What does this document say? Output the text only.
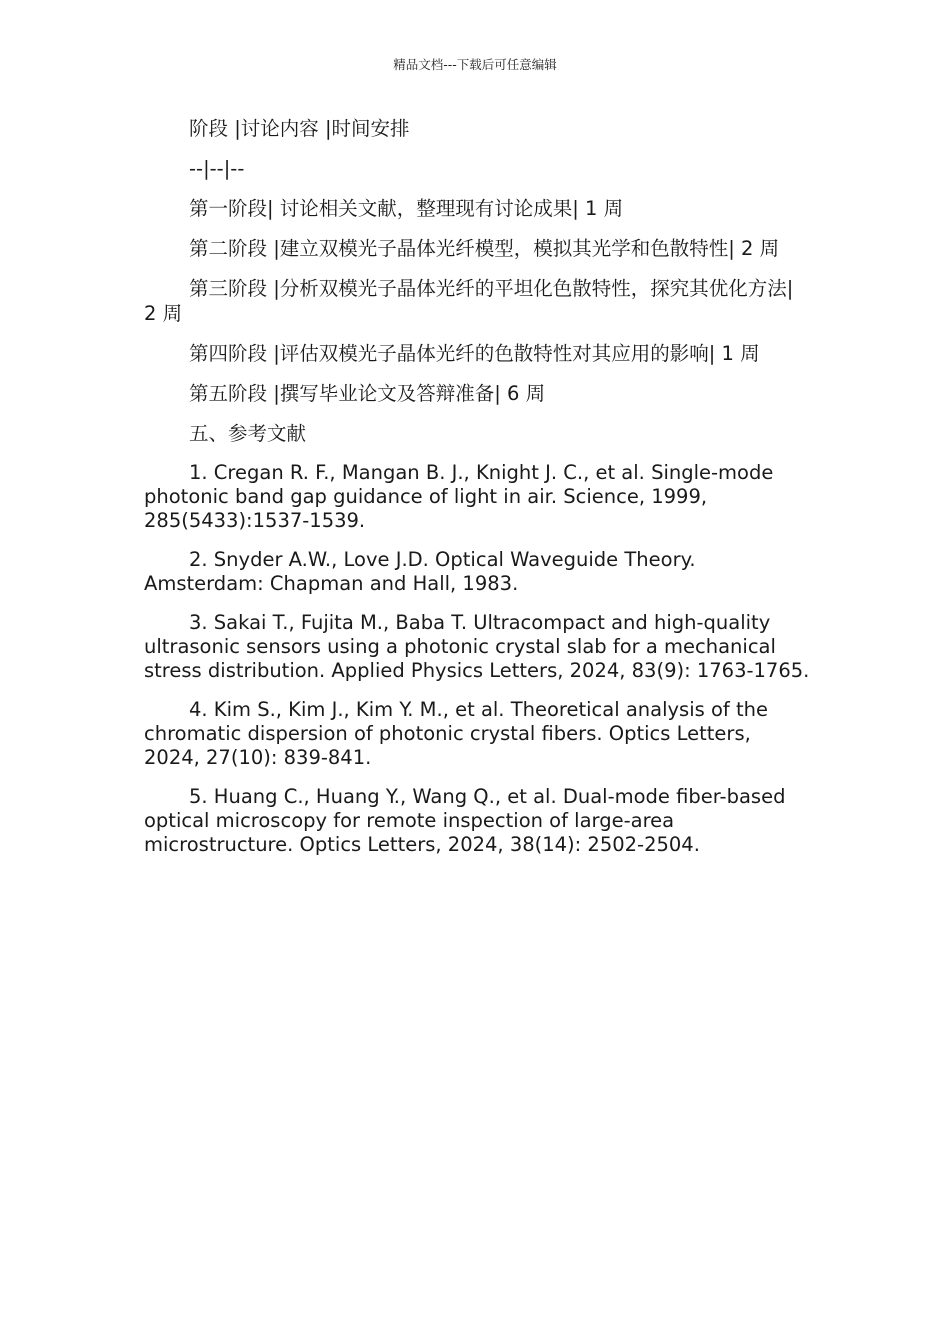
精品文档---下载后可任意编辑

阶段 |讨论内容 |时间安排

--|--|--

第一阶段| 讨论相关文献，整理现有讨论成果| 1 周

第二阶段 |建立双模光子晶体光纤模型，模拟其光学和色散特性| 2 周

第三阶段 |分析双模光子晶体光纤的平坦化色散特性，探究其优化方法| 2 周

第四阶段 |评估双模光子晶体光纤的色散特性对其应用的影响| 1 周

第五阶段 |撰写毕业论文及答辩准备| 6 周

五、参考文献

1. Cregan R. F., Mangan B. J., Knight J. C., et al. Single-mode photonic band gap guidance of light in air. Science, 1999, 285(5433):1537-1539.

2. Snyder A.W., Love J.D. Optical Waveguide Theory. Amsterdam: Chapman and Hall, 1983.

3. Sakai T., Fujita M., Baba T. Ultracompact and high-quality ultrasonic sensors using a photonic crystal slab for a mechanical stress distribution. Applied Physics Letters, 2024, 83(9): 1763-1765.

4. Kim S., Kim J., Kim Y. M., et al. Theoretical analysis of the chromatic dispersion of photonic crystal fibers. Optics Letters, 2024, 27(10): 839-841.

5. Huang C., Huang Y., Wang Q., et al. Dual-mode fiber-based optical microscopy for remote inspection of large-area microstructure. Optics Letters, 2024, 38(14): 2502-2504.
